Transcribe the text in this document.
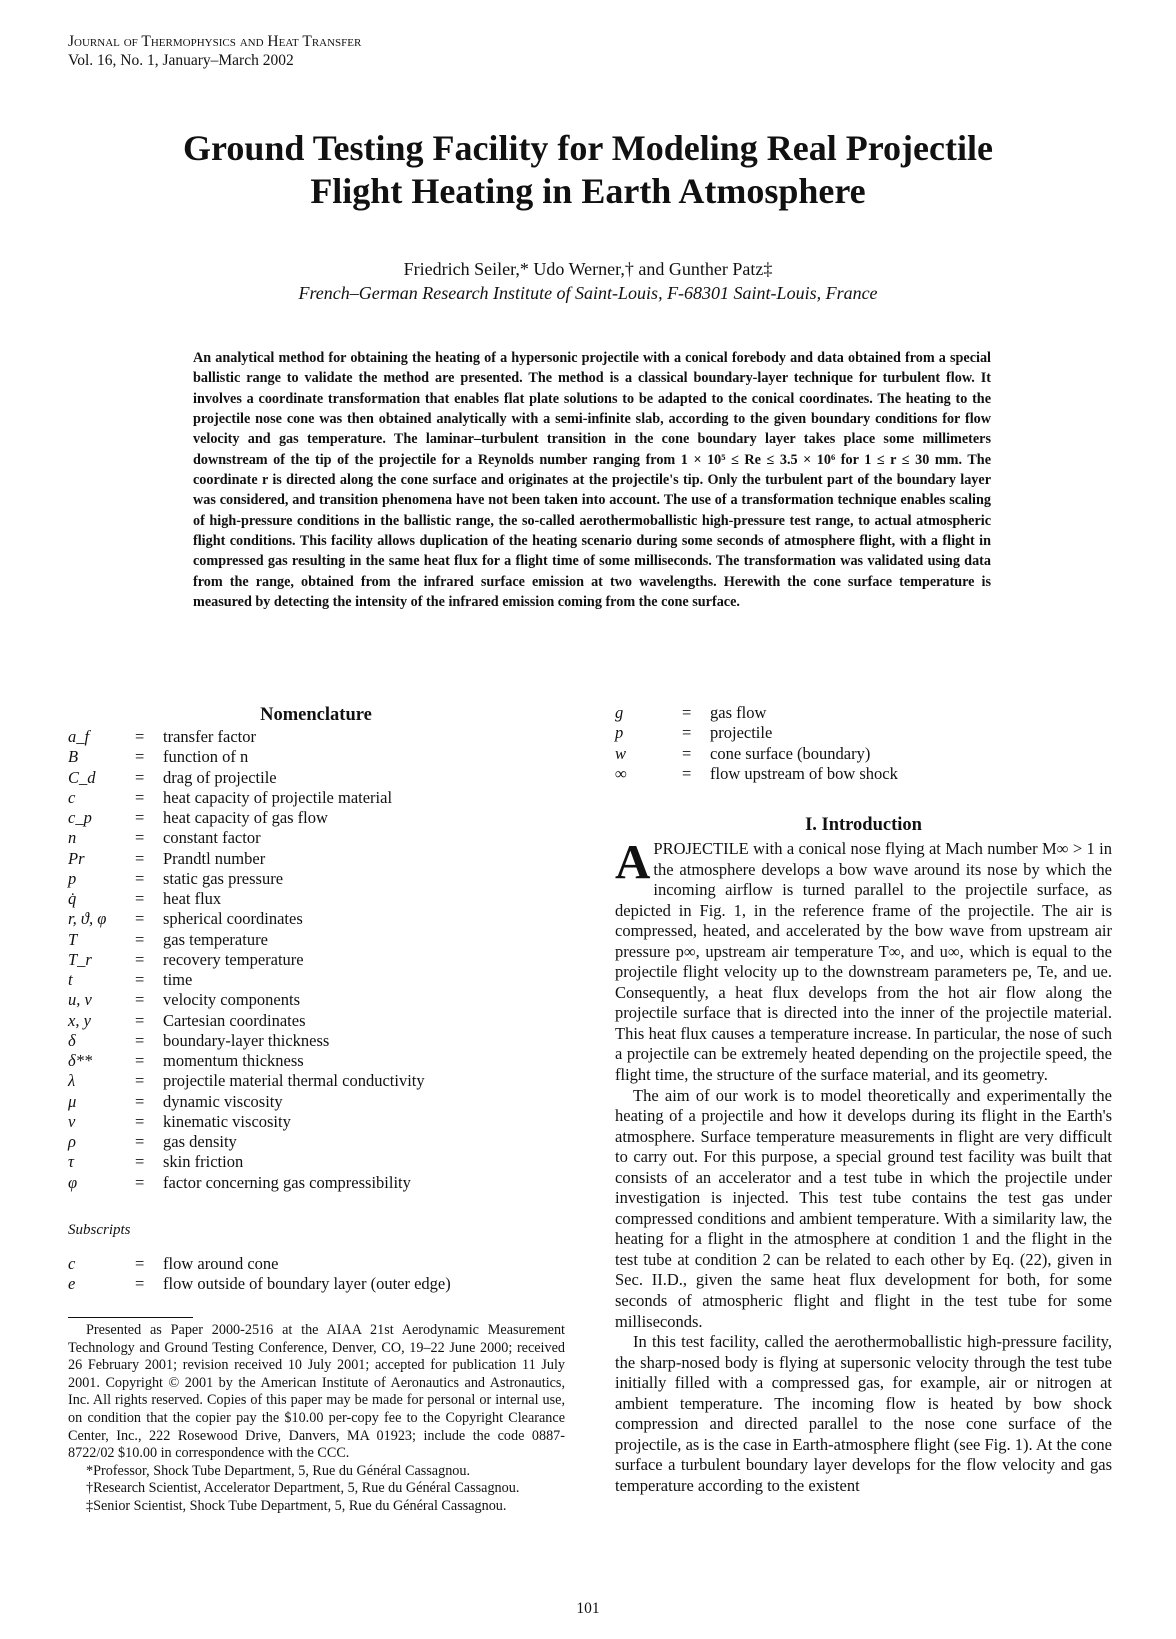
Journal of Thermophysics and Heat Transfer
Vol. 16, No. 1, January–March 2002
Ground Testing Facility for Modeling Real Projectile
Flight Heating in Earth Atmosphere
Friedrich Seiler,* Udo Werner,† and Gunther Patz‡
French–German Research Institute of Saint-Louis, F-68301 Saint-Louis, France
An analytical method for obtaining the heating of a hypersonic projectile with a conical forebody and data obtained from a special ballistic range to validate the method are presented. The method is a classical boundary-layer technique for turbulent flow. It involves a coordinate transformation that enables flat plate solutions to be adapted to the conical coordinates. The heating to the projectile nose cone was then obtained analytically with a semi-infinite slab, according to the given boundary conditions for flow velocity and gas temperature. The laminar–turbulent transition in the cone boundary layer takes place some millimeters downstream of the tip of the projectile for a Reynolds number ranging from 1 × 10⁵ ≤ Re ≤ 3.5 × 10⁶ for 1 ≤ r ≤ 30 mm. The coordinate r is directed along the cone surface and originates at the projectile's tip. Only the turbulent part of the boundary layer was considered, and transition phenomena have not been taken into account. The use of a transformation technique enables scaling of high-pressure conditions in the ballistic range, the so-called aerothermoballistic high-pressure test range, to actual atmospheric flight conditions. This facility allows duplication of the heating scenario during some seconds of atmosphere flight, with a flight in compressed gas resulting in the same heat flux for a flight time of some milliseconds. The transformation was validated using data from the range, obtained from the infrared surface emission at two wavelengths. Herewith the cone surface temperature is measured by detecting the intensity of the infrared emission coming from the cone surface.
Nomenclature
a_f	= transfer factor
B	= function of n
C_d = drag of projectile
c	= heat capacity of projectile material
c_p	= heat capacity of gas flow
n	= constant factor
Pr	= Prandtl number
p	= static gas pressure
q̇	= heat flux
r, ϑ, φ = spherical coordinates
T	= gas temperature
T_r	= recovery temperature
t	= time
u, v	= velocity components
x, y	= Cartesian coordinates
δ	= boundary-layer thickness
δ**	= momentum thickness
λ	= projectile material thermal conductivity
μ	= dynamic viscosity
ν	= kinematic viscosity
ρ	= gas density
τ	= skin friction
φ	= factor concerning gas compressibility
Subscripts
c	= flow around cone
e	= flow outside of boundary layer (outer edge)
g	= gas flow
p	= projectile
w	= cone surface (boundary)
∞	= flow upstream of bow shock

Presented as Paper 2000-2516 at the AIAA 21st Aerodynamic Measurement Technology and Ground Testing Conference, Denver, CO, 19–22 June 2000; received 26 February 2001; revision received 10 July 2001; accepted for publication 11 July 2001. Copyright © 2001 by the American Institute of Aeronautics and Astronautics, Inc. All rights reserved. Copies of this paper may be made for personal or internal use, on condition that the copier pay the $10.00 per-copy fee to the Copyright Clearance Center, Inc., 222 Rosewood Drive, Danvers, MA 01923; include the code 0887-8722/02 $10.00 in correspondence with the CCC.

*Professor, Shock Tube Department, 5, Rue du Général Cassagnou.

†Research Scientist, Accelerator Department, 5, Rue du Général Cassagnou.

‡Senior Scientist, Shock Tube Department, 5, Rue du Général Cassagnou.

I. Introduction

APROJECTILE with a conical nose flying at Mach number M∞ > 1 in the atmosphere develops a bow wave around its nose by which the incoming airflow is turned parallel to the projectile surface, as depicted in Fig. 1, in the reference frame of the projectile. The air is compressed, heated, and accelerated by the bow wave from upstream air pressure p∞, upstream air temperature T∞, and u∞, which is equal to the projectile flight velocity up to the downstream parameters pe, Te, and ue. Consequently, a heat flux develops from the hot air flow along the projectile surface that is directed into the inner of the projectile material. This heat flux causes a temperature increase. In particular, the nose of such a projectile can be extremely heated depending on the projectile speed, the flight time, the structure of the surface material, and its geometry.

The aim of our work is to model theoretically and experimentally the heating of a projectile and how it develops during its flight in the Earth's atmosphere. Surface temperature measurements in flight are very difficult to carry out. For this purpose, a special ground test facility was built that consists of an accelerator and a test tube in which the projectile under investigation is injected. This test tube contains the test gas under compressed conditions and ambient temperature. With a similarity law, the heating for a flight in the atmosphere at condition 1 and the flight in the test tube at condition 2 can be related to each other by Eq. (22), given in Sec. II.D., given the same heat flux development for both, for some seconds of atmospheric flight and flight in the test tube for some milliseconds.

In this test facility, called the aerothermoballistic high-pressure facility, the sharp-nosed body is flying at supersonic velocity through the test tube initially filled with a compressed gas, for example, air or nitrogen at ambient temperature. The incoming flow is heated by bow shock compression and directed parallel to the nose cone surface of the projectile, as is the case in Earth-atmosphere flight (see Fig. 1). At the cone surface a turbulent boundary layer develops for the flow velocity and gas temperature according to the existent

101
